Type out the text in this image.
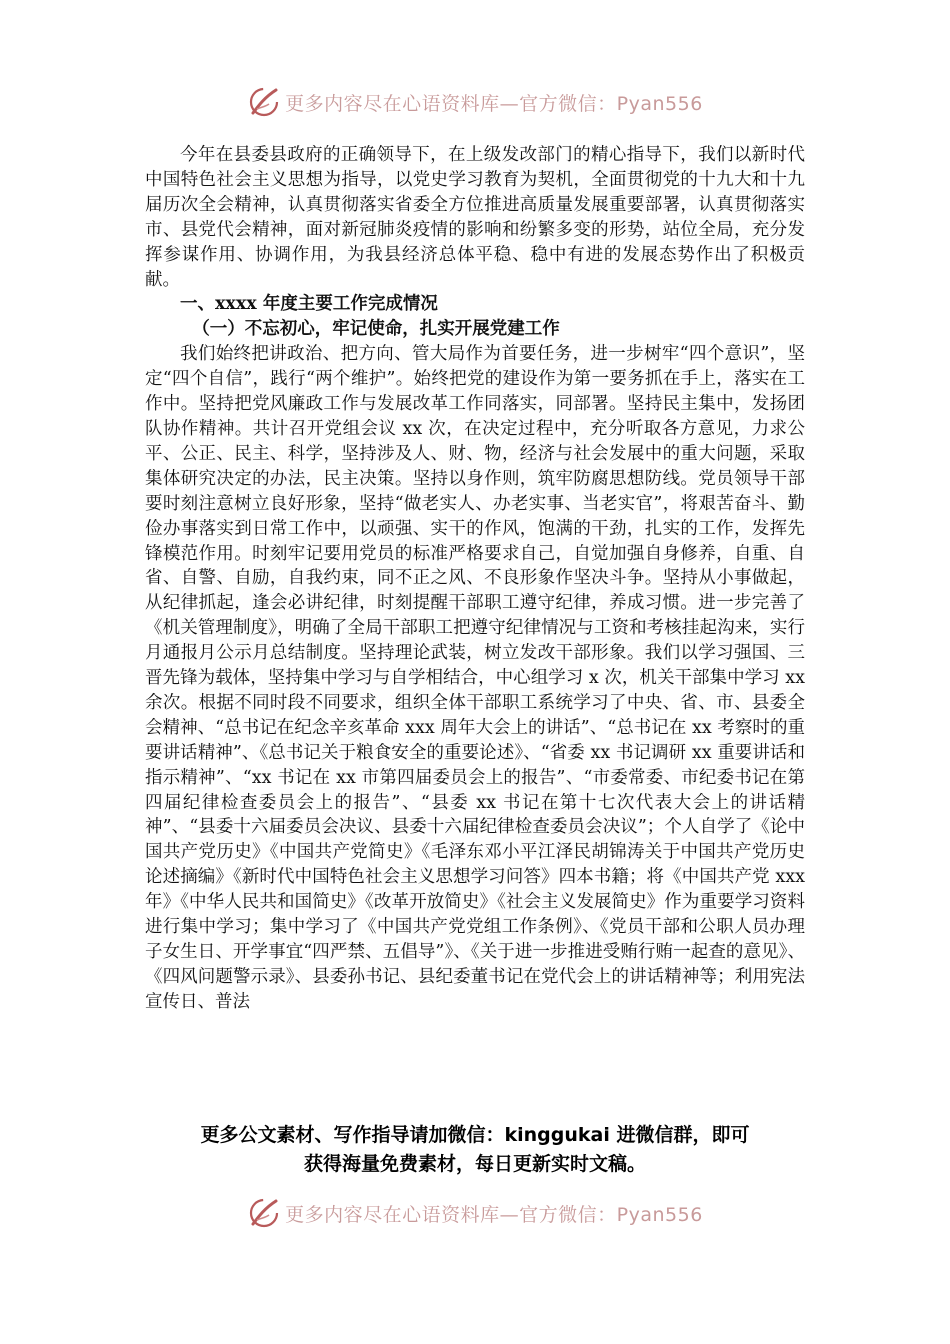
更多内容尽在心语资料库—官方微信：Pyan556

今年在县委县政府的正确领导下，在上级发改部门的精心指导下，我们以新时代中国特色社会主义思想为指导，以党史学习教育为契机，全面贯彻党的十九大和十九届历次全会精神，认真贯彻落实省委全方位推进高质量发展重要部署，认真贯彻落实市、县党代会精神，面对新冠肺炎疫情的影响和纷繁多变的形势，站位全局，充分发挥参谋作用、协调作用，为我县经济总体平稳、稳中有进的发展态势作出了积极贡献。

一、xxxx 年度主要工作完成情况
（一）不忘初心，牢记使命，扎实开展党建工作

我们始终把讲政治、把方向、管大局作为首要任务，进一步树牢“四个意识”，坚定“四个自信”，践行“两个维护”。始终把党的建设作为第一要务抓在手上，落实在工作中。坚持把党风廉政工作与发展改革工作同落实，同部署。坚持民主集中，发扬团队协作精神。共计召开党组会议 xx 次，在决定过程中，充分听取各方意见，力求公平、公正、民主、科学，坚持涉及人、财、物，经济与社会发展中的重大问题，采取集体研究决定的办法，民主决策。坚持以身作则，筑牢防腐思想防线。党员领导干部要时刻注意树立良好形象，坚持“做老实人、办老实事、当老实官”，将艰苦奋斗、勤俭办事落实到日常工作中，以顽强、实干的作风，饱满的干劲，扎实的工作，发挥先锋模范作用。时刻牢记要用党员的标准严格要求自己，自觉加强自身修养，自重、自省、自警、自励，自我约束，同不正之风、不良形象作坚决斗争。坚持从小事做起，从纪律抓起，逢会必讲纪律，时刻提醒干部职工遵守纪律，养成习惯。进一步完善了《机关管理制度》，明确了全局干部职工把遵守纪律情况与工资和考核挂起沟来，实行月通报月公示月总结制度。坚持理论武装，树立发改干部形象。我们以学习强国、三晋先锋为载体，坚持集中学习与自学相结合，中心组学习 x 次，机关干部集中学习 xx 余次。根据不同时段不同要求，组织全体干部职工系统学习了中央、省、市、县委全会精神、“总书记在纪念辛亥革命 xxx 周年大会上的讲话”、“总书记在 xx 考察时的重要讲话精神”、《总书记关于粮食安全的重要论述》、“省委 xx 书记调研 xx 重要讲话和指示精神”、“xx 书记在 xx 市第四届委员会上的报告”、“市委常委、市纪委书记在第四届纪律检查委员会上的报告”、“县委 xx 书记在第十七次代表大会上的讲话精神”、“县委十六届委员会决议、县委十六届纪律检查委员会决议”；个人自学了《论中国共产党历史》《中国共产党简史》《毛泽东邓小平江泽民胡锦涛关于中国共产党历史论述摘编》《新时代中国特色社会主义思想学习问答》四本书籍；将《中国共产党 xxx 年》《中华人民共和国简史》《改革开放简史》《社会主义发展简史》作为重要学习资料进行集中学习；集中学习了《中国共产党党组工作条例》、《党员干部和公职人员办理子女生日、开学事宜“四严禁、五倡导”》、《关于进一步推进受贿行贿一起查的意见》、《四风问题警示录》、县委孙书记、县纪委董书记在党代会上的讲话精神等；利用宪法宣传日、普法

更多公文素材、写作指导请加微信：kinggukai 进微信群，即可
获得海量免费素材，每日更新实时文稿。
更多内容尽在心语资料库—官方微信：Pyan556
